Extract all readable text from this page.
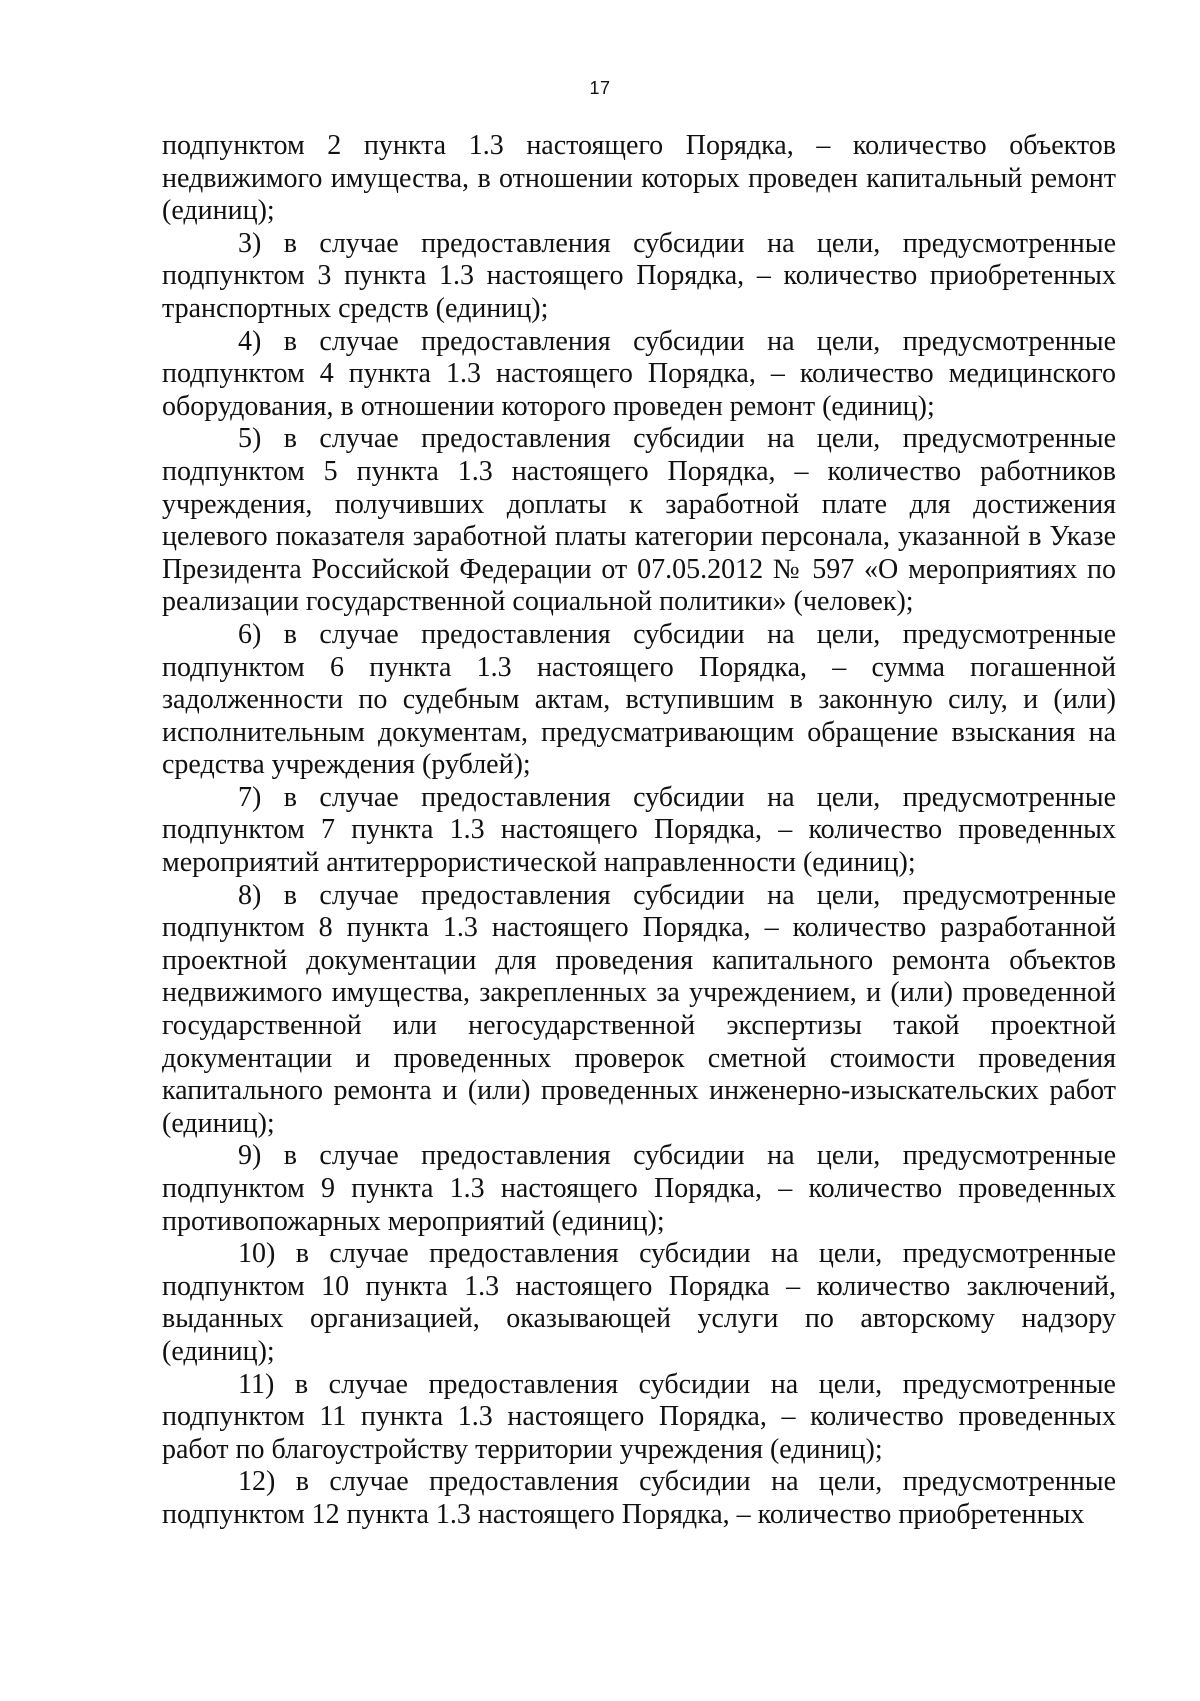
17

подпунктом 2 пункта 1.3 настоящего Порядка, – количество объектов недвижимого имущества, в отношении которых проведен капитальный ремонт (единиц);

3) в случае предоставления субсидии на цели, предусмотренные подпунктом 3 пункта 1.3 настоящего Порядка, – количество приобретенных транспортных средств (единиц);

4) в случае предоставления субсидии на цели, предусмотренные подпунктом 4 пункта 1.3 настоящего Порядка, – количество медицинского оборудования, в отношении которого проведен ремонт (единиц);

5) в случае предоставления субсидии на цели, предусмотренные подпунктом 5 пункта 1.3 настоящего Порядка, – количество работников учреждения, получивших доплаты к заработной плате для достижения целевого показателя заработной платы категории персонала, указанной в Указе Президента Российской Федерации от 07.05.2012 № 597 «О мероприятиях по реализации государственной социальной политики» (человек);

6) в случае предоставления субсидии на цели, предусмотренные подпунктом 6 пункта 1.3 настоящего Порядка, – сумма погашенной задолженности по судебным актам, вступившим в законную силу, и (или) исполнительным документам, предусматривающим обращение взыскания на средства учреждения (рублей);

7) в случае предоставления субсидии на цели, предусмотренные подпунктом 7 пункта 1.3 настоящего Порядка, – количество проведенных мероприятий антитеррористической направленности (единиц);

8) в случае предоставления субсидии на цели, предусмотренные подпунктом 8 пункта 1.3 настоящего Порядка, – количество разработанной проектной документации для проведения капитального ремонта объектов недвижимого имущества, закрепленных за учреждением, и (или) проведенной государственной или негосударственной экспертизы такой проектной документации и проведенных проверок сметной стоимости проведения капитального ремонта и (или) проведенных инженерно-изыскательских работ (единиц);

9) в случае предоставления субсидии на цели, предусмотренные подпунктом 9 пункта 1.3 настоящего Порядка, – количество проведенных противопожарных мероприятий (единиц);

10) в случае предоставления субсидии на цели, предусмотренные подпунктом 10 пункта 1.3 настоящего Порядка – количество заключений, выданных организацией, оказывающей услуги по авторскому надзору (единиц);

11) в случае предоставления субсидии на цели, предусмотренные подпунктом 11 пункта 1.3 настоящего Порядка, – количество проведенных работ по благоустройству территории учреждения (единиц);

12) в случае предоставления субсидии на цели, предусмотренные подпунктом 12 пункта 1.3 настоящего Порядка, – количество приобретенных
